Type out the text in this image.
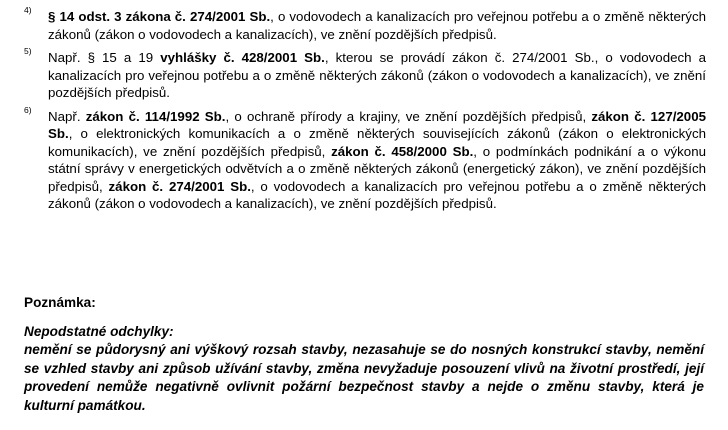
4) § 14 odst. 3 zákona č. 274/2001 Sb., o vodovodech a kanalizacích pro veřejnou potřebu a o změně některých zákonů (zákon o vodovodech a kanalizacích), ve znění pozdějších předpisů.
5) Např. § 15 a 19 vyhlášky č. 428/2001 Sb., kterou se provádí zákon č. 274/2001 Sb., o vodovodech a kanalizacích pro veřejnou potřebu a o změně některých zákonů (zákon o vodovodech a kanalizacích), ve znění pozdějších předpisů.
6) Např. zákon č. 114/1992 Sb., o ochraně přírody a krajiny, ve znění pozdějších předpisů, zákon č. 127/2005 Sb., o elektronických komunikacích a o změně některých souvisejících zákonů (zákon o elektronických komunikacích), ve znění pozdějších předpisů, zákon č. 458/2000 Sb., o podmínkách podnikání a o výkonu státní správy v energetických odvětvích a o změně některých zákonů (energetický zákon), ve znění pozdějších předpisů, zákon č. 274/2001 Sb., o vodovodech a kanalizacích pro veřejnou potřebu a o změně některých zákonů (zákon o vodovodech a kanalizacích), ve znění pozdějších předpisů.
Poznámka:
Nepodstatné odchylky:
nemění se půdorysný ani výškový rozsah stavby, nezasahuje se do nosných konstrukcí stavby, nemění se vzhled stavby ani způsob užívání stavby, změna nevyžaduje posouzení vlivů na životní prostředí, její provedení nemůže negativně ovlivnit požární bezpečnost stavby a nejde o změnu stavby, která je kulturní památkou.
